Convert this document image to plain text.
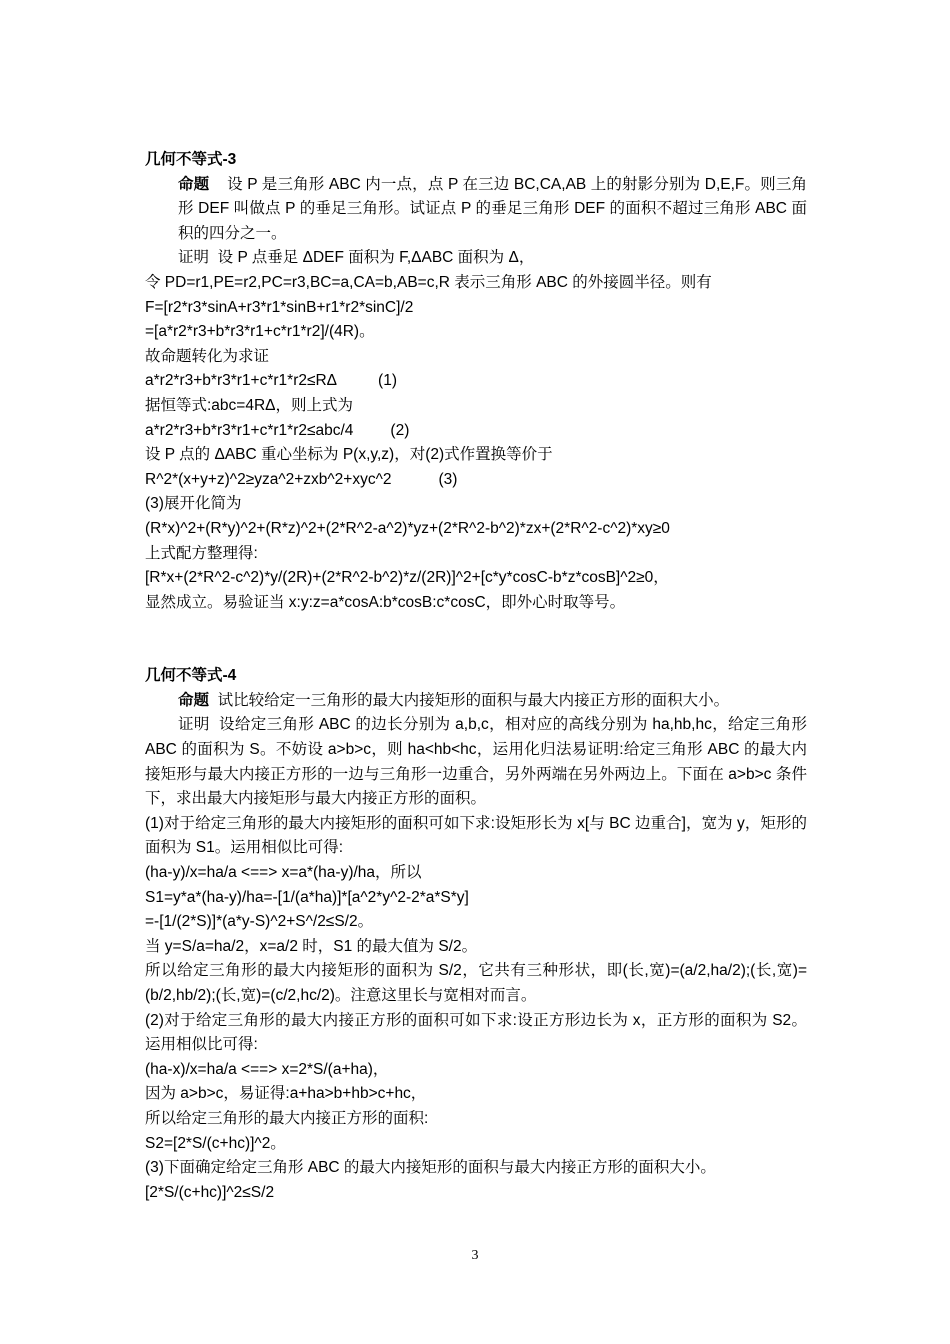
几何不等式-3
命题 设 P 是三角形 ABC 内一点，点 P 在三边 BC,CA,AB 上的射影分别为 D,E,F。则三角形 DEF 叫做点 P 的垂足三角形。试证点 P 的垂足三角形 DEF 的面积不超过三角形 ABC 面积的四分之一。
证明 设 P 点垂足 ΔDEF 面积为 F,ΔABC 面积为 Δ，
令 PD=r1,PE=r2,PC=r3,BC=a,CA=b,AB=c,R 表示三角形 ABC 的外接圆半径。则有
F=[r2*r3*sinA+r3*r1*sinB+r1*r2*sinC]/2
=[a*r2*r3+b*r3*r1+c*r1*r2]/(4R)。
故命题转化为求证
a*r2*r3+b*r3*r1+c*r1*r2≤RΔ	(1)
据恒等式:abc=4RΔ，则上式为
a*r2*r3+b*r3*r1+c*r1*r2≤abc/4 (2)
设 P 点的 ΔABC 重心坐标为 P(x,y,z)，对(2)式作置换等价于
R^2*(x+y+z)^2≥yza^2+zxb^2+xyc^2	(3)
(3)展开化简为
(R*x)^2+(R*y)^2+(R*z)^2+(2*R^2-a^2)*yz+(2*R^2-b^2)*zx+(2*R^2-c^2)*xy≥0
上式配方整理得:
[R*x+(2*R^2-c^2)*y/(2R)+(2*R^2-b^2)*z/(2R)]^2+[c*y*cosC-b*z*cosB]^2≥0，
显然成立。易验证当 x:y:z=a*cosA:b*cosB:c*cosC，即外心时取等号。
几何不等式-4
命题 试比较给定一三角形的最大内接矩形的面积与最大内接正方形的面积大小。
证明 设给定三角形 ABC 的边长分别为 a,b,c，相对应的高线分别为 ha,hb,hc，给定三角形 ABC 的面积为 S。不妨设 a>b>c，则 ha<hb<hc，运用化归法易证明:给定三角形 ABC 的最大内接矩形与最大内接正方形的一边与三角形一边重合，另外两端在另外两边上。下面在 a>b>c 条件下，求出最大内接矩形与最大内接正方形的面积。
(1)对于给定三角形的最大内接矩形的面积可如下求:设矩形长为 x[与 BC 边重合]，宽为 y，矩形的面积为 S1。运用相似比可得:
(ha-y)/x=ha/a <==> x=a*(ha-y)/ha，所以
S1=y*a*(ha-y)/ha=-[1/(a*ha)]*[a^2*y^2-2*a*S*y]
=-[1/(2*S)]*(a*y-S)^2+S^/2≤S/2。
当 y=S/a=ha/2，x=a/2 时，S1 的最大值为 S/2。
所以给定三角形的最大内接矩形的面积为 S/2，它共有三种形状，即(长,宽)=(a/2,ha/2);(长,宽)=(b/2,hb/2);(长,宽)=(c/2,hc/2)。注意这里长与宽相对而言。
(2)对于给定三角形的最大内接正方形的面积可如下求:设正方形边长为 x，正方形的面积为 S2。运用相似比可得:
(ha-x)/x=ha/a <==> x=2*S/(a+ha)，
因为 a>b>c，易证得:a+ha>b+hb>c+hc，
所以给定三角形的最大内接正方形的面积:
S2=[2*S/(c+hc)]^2。
(3)下面确定给定三角形 ABC 的最大内接矩形的面积与最大内接正方形的面积大小。
[2*S/(c+hc)]^2≤S/2
3
